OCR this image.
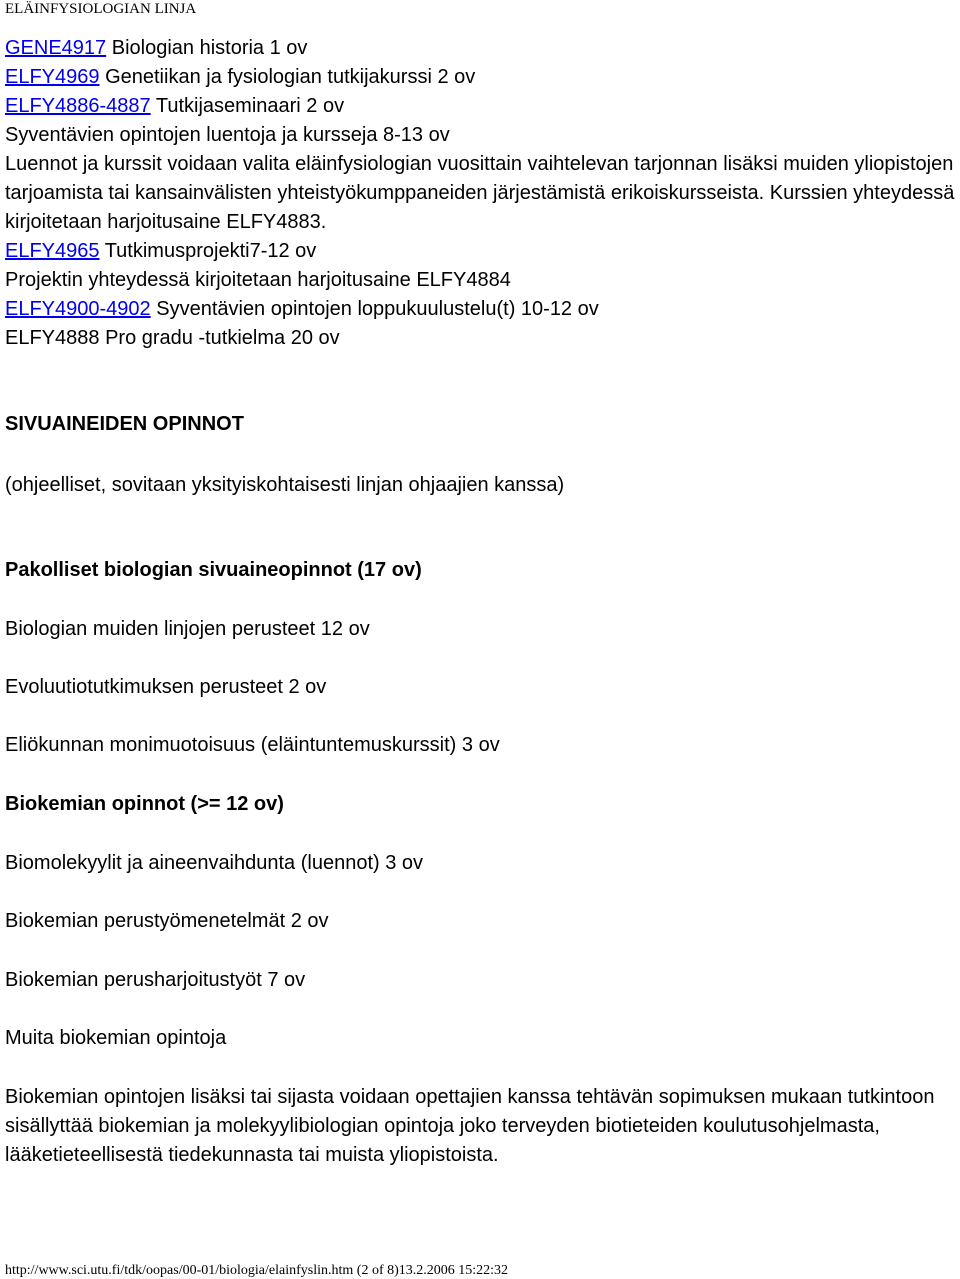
ELÄINFYSIOLOGIAN LINJA
GENE4917 Biologian historia 1 ov
ELFY4969 Genetiikan ja fysiologian tutkijakurssi 2 ov
ELFY4886-4887 Tutkijaseminaari 2 ov
Syventävien opintojen luentoja ja kursseja 8-13 ov
Luennot ja kurssit voidaan valita eläinfysiologian vuosittain vaihtelevan tarjonnan lisäksi muiden yliopistojen tarjoamista tai kansainvälisten yhteistyökumppaneiden järjestämistä erikoiskursseista. Kurssien yhteydessä kirjoitetaan harjoitusaine ELFY4883.
ELFY4965 Tutkimusprojekti7-12 ov
Projektin yhteydessä kirjoitetaan harjoitusaine ELFY4884
ELFY4900-4902 Syventävien opintojen loppukuulustelu(t) 10-12 ov
ELFY4888 Pro gradu -tutkielma 20 ov
SIVUAINEIDEN OPINNOT
(ohjeelliset, sovitaan yksityiskohtaisesti linjan ohjaajien kanssa)
Pakolliset biologian sivuaineopinnot (17 ov)
Biologian muiden linjojen perusteet 12 ov
Evoluutiotutkimuksen perusteet 2 ov
Eliökunnan monimuotoisuus (eläintuntemuskurssit) 3 ov
Biokemian opinnot (>= 12 ov)
Biomolekyylit ja aineenvaihdunta (luennot) 3 ov
Biokemian perustyömenetelmät 2 ov
Biokemian perusharjoitustyöt 7 ov
Muita biokemian opintoja
Biokemian opintojen lisäksi tai sijasta voidaan opettajien kanssa tehtävän sopimuksen mukaan tutkintoon sisällyttää biokemian ja molekyylibiologian opintoja joko terveyden biotieteiden koulutusohjelmasta, lääketieteellisestä tiedekunnasta tai muista yliopistoista.
http://www.sci.utu.fi/tdk/oopas/00-01/biologia/elainfyslin.htm (2 of 8)13.2.2006 15:22:32
